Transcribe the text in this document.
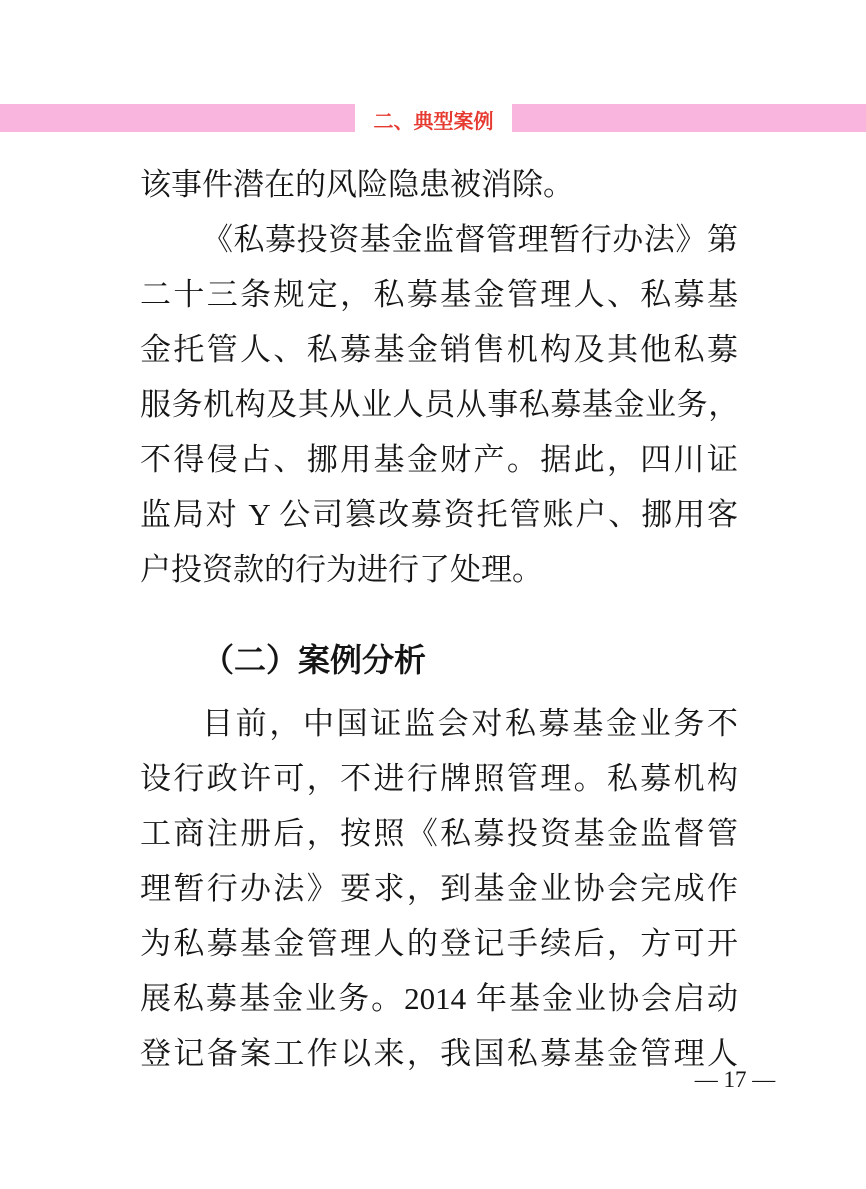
二、典型案例
该事件潜在的风险隐患被消除。
《私募投资基金监督管理暂行办法》第
二十三条规定，私募基金管理人、私募基
金托管人、私募基金销售机构及其他私募
服务机构及其从业人员从事私募基金业务，
不得侵占、挪用基金财产。据此，四川证
监局对 Y 公司篡改募资托管账户、挪用客
户投资款的行为进行了处理。
（二）案例分析
目前，中国证监会对私募基金业务不
设行政许可，不进行牌照管理。私募机构
工商注册后，按照《私募投资基金监督管
理暂行办法》要求，到基金业协会完成作
为私募基金管理人的登记手续后，方可开
展私募基金业务。2014 年基金业协会启动
登记备案工作以来，我国私募基金管理人
— 17 —
